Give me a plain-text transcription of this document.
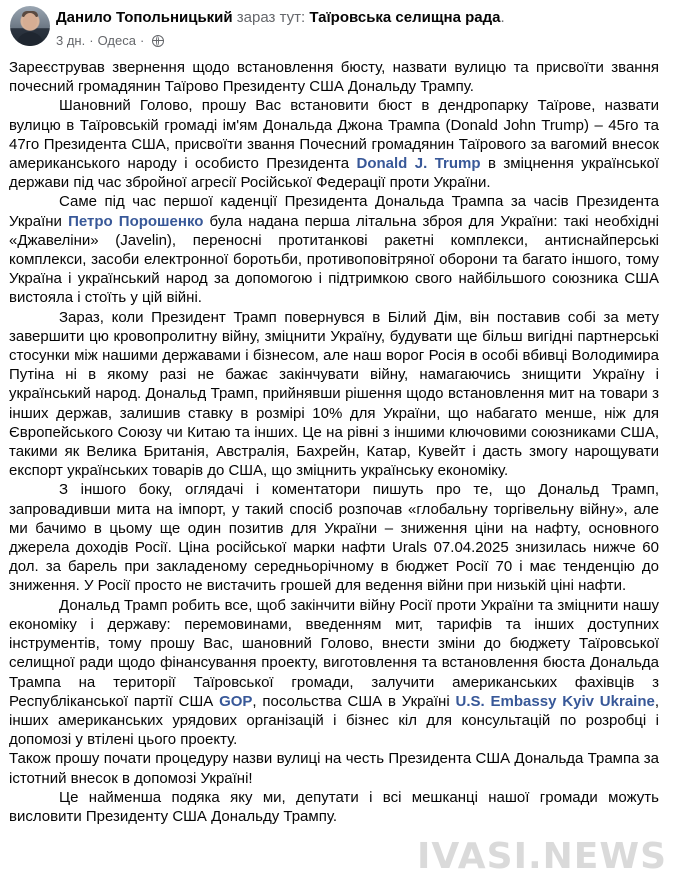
Данило Топольницький зараз тут: Таїровська селищна рада.
3 дн. · Одеса ·

Зареєстрував звернення щодо встановлення бюсту, назвати вулицю та присвоїти звання почесний громадянин Таїрово Президенту США Дональду Трампу.

Шановний Голово, прошу Вас встановити бюст в дендропарку Таїрове, назвати вулицю в Таїровській громаді ім'ям Дональда Джона Трампа (Donald John Trump) – 45го та 47го Президента США, присвоїти звання Почесний громадянин Таїрового за вагомий внесок американського народу і особисто Президента Donald J. Trump в зміцнення української держави під час збройної агресії Російської Федерації проти України.

Саме під час першої каденції Президента Дональда Трампа за часів Президента України Петро Порошенко була надана перша літальна зброя для України: такі необхідні «Джавеліни» (Javelin), переносні протитанкові ракетні комплекси, антиснайперські комплекси, засоби електронної боротьби, противоповітряної оборони та багато іншого, тому Україна і український народ за допомогою і підтримкою свого найбільшого союзника США вистояла і стоїть у цій війні.

Зараз, коли Президент Трамп повернувся в Білий Дім, він поставив собі за мету завершити цю кровопролитну війну, зміцнити Україну, будувати ще більш вигідні партнерські стосунки між нашими державами і бізнесом, але наш ворог Росія в особі вбивці Володимира Путіна ні в якому разі не бажає закінчувати війну, намагаючись знищити Україну і український народ. Дональд Трамп, прийнявши рішення щодо встановлення мит на товари з інших держав, залишив ставку в розмірі 10% для України, що набагато менше, ніж для Європейського Союзу чи Китаю та інших. Це на рівні з іншими ключовими союзниками США, такими як Велика Британія, Австралія, Бахрейн, Катар, Кувейт і дасть змогу нарощувати експорт українських товарів до США, що зміцнить українську економіку.

З іншого боку, оглядачі і коментатори пишуть про те, що Дональд Трамп, запровадивши мита на імпорт, у такий спосіб розпочав «глобальну торгівельну війну», але ми бачимо в цьому ще один позитив для України – зниження ціни на нафту, основного джерела доходів Росії. Ціна російської марки нафти Urals 07.04.2025 знизилась нижче 60 дол. за барель при закладеному середньорічному в бюджет Росії 70 і має тенденцію до зниження. У Росії просто не вистачить грошей для ведення війни при низькій ціні нафти.

Дональд Трамп робить все, щоб закінчити війну Росії проти України та зміцнити нашу економіку і державу: перемовинами, введенням мит, тарифів та інших доступних інструментів, тому прошу Вас, шановний Голово, внести зміни до бюджету Таїровської селищної ради щодо фінансування проекту, виготовлення та встановлення бюста Дональда Трампа на території Таїровської громади, залучити американських фахівців з Республіканської партії США GOP, посольства США в Україні U.S. Embassy Kyiv Ukraine, інших американських урядових організацій і бізнес кіл для консультацій по розробці і допомозі у втілені цього проекту.

Також прошу почати процедуру назви вулиці на честь Президента США Дональда Трампа за істотний внесок в допомозі Україні!

Це найменша подяка яку ми, депутати і всі мешканці нашої громади можуть висловити Президенту США Дональду Трампу.

IVASI.NEWS
